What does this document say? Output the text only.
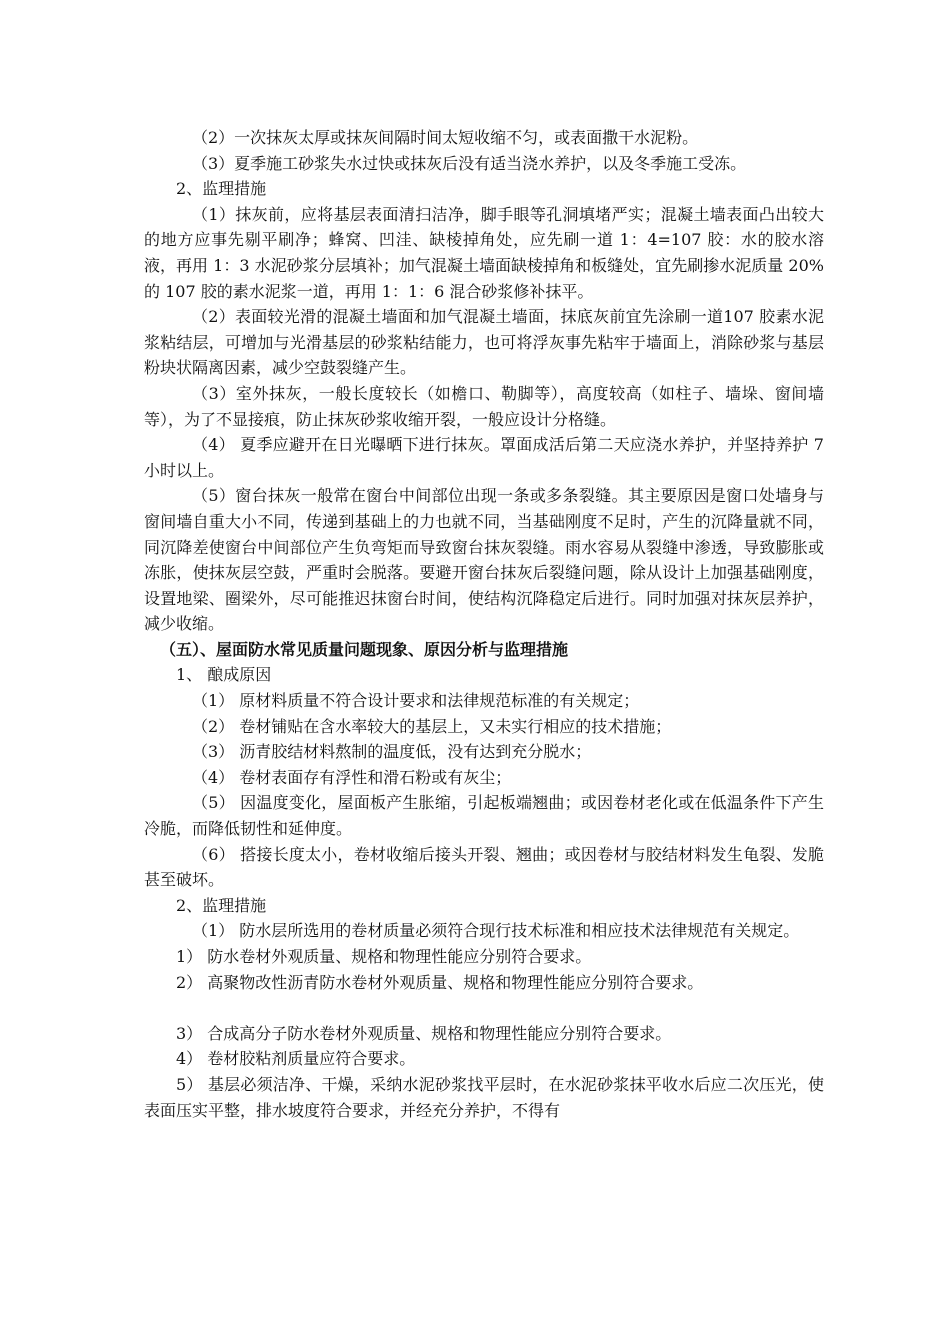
（2）一次抹灰太厚或抹灰间隔时间太短收缩不匀，或表面撒干水泥粉。

（3）夏季施工砂浆失水过快或抹灰后没有适当浇水养护，以及冬季施工受冻。

2、监理措施

（1）抹灰前，应将基层表面清扫洁净，脚手眼等孔洞填堵严实；混凝土墙表面凸出较大的地方应事先剔平刷净；蜂窝、凹洼、缺棱掉角处，应先刷一道 1：4=107 胶：水的胶水溶液，再用 1：3 水泥砂浆分层填补；加气混凝土墙面缺棱掉角和板缝处，宜先刷掺水泥质量 20%的 107 胶的素水泥浆一道，再用 1：1：6 混合砂浆修补抹平。

（2）表面较光滑的混凝土墙面和加气混凝土墙面，抹底灰前宜先涂刷一道107 胶素水泥浆粘结层，可增加与光滑基层的砂浆粘结能力，也可将浮灰事先粘牢于墙面上，消除砂浆与基层粉块状隔离因素，减少空鼓裂缝产生。

（3）室外抹灰，一般长度较长（如檐口、勒脚等），高度较高（如柱子、墙垛、窗间墙等），为了不显接痕，防止抹灰砂浆收缩开裂，一般应设计分格缝。

（4） 夏季应避开在日光曝晒下进行抹灰。罩面成活后第二天应浇水养护，并坚持养护 7 小时以上。

（5）窗台抹灰一般常在窗台中间部位出现一条或多条裂缝。其主要原因是窗口处墙身与窗间墙自重大小不同，传递到基础上的力也就不同，当基础刚度不足时，产生的沉降量就不同，同沉降差使窗台中间部位产生负弯矩而导致窗台抹灰裂缝。雨水容易从裂缝中渗透，导致膨胀或冻胀，使抹灰层空鼓，严重时会脱落。要避开窗台抹灰后裂缝问题，除从设计上加强基础刚度，设置地梁、圈梁外，尽可能推迟抹窗台时间，使结构沉降稳定后进行。同时加强对抹灰层养护，减少收缩。

（五）、屋面防水常见质量问题现象、原因分析与监理措施

1、 酿成原因

（1） 原材料质量不符合设计要求和法律规范标准的有关规定；

（2） 卷材铺贴在含水率较大的基层上，又未实行相应的技术措施；

（3） 沥青胶结材料熬制的温度低，没有达到充分脱水；

（4） 卷材表面存有浮性和滑石粉或有灰尘；

（5） 因温度变化，屋面板产生胀缩，引起板端翘曲；或因卷材老化或在低温条件下产生冷脆，而降低韧性和延伸度。

（6） 搭接长度太小，卷材收缩后接头开裂、翘曲；或因卷材与胶结材料发生龟裂、发脆甚至破坏。

2、监理措施

（1） 防水层所选用的卷材质量必须符合现行技术标准和相应技术法律规范有关规定。

1） 防水卷材外观质量、规格和物理性能应分别符合要求。

2） 高聚物改性沥青防水卷材外观质量、规格和物理性能应分别符合要求。

3） 合成高分子防水卷材外观质量、规格和物理性能应分别符合要求。

4） 卷材胶粘剂质量应符合要求。

5） 基层必须洁净、干燥，采纳水泥砂浆找平层时，在水泥砂浆抹平收水后应二次压光，使表面压实平整，排水坡度符合要求，并经充分养护，不得有
